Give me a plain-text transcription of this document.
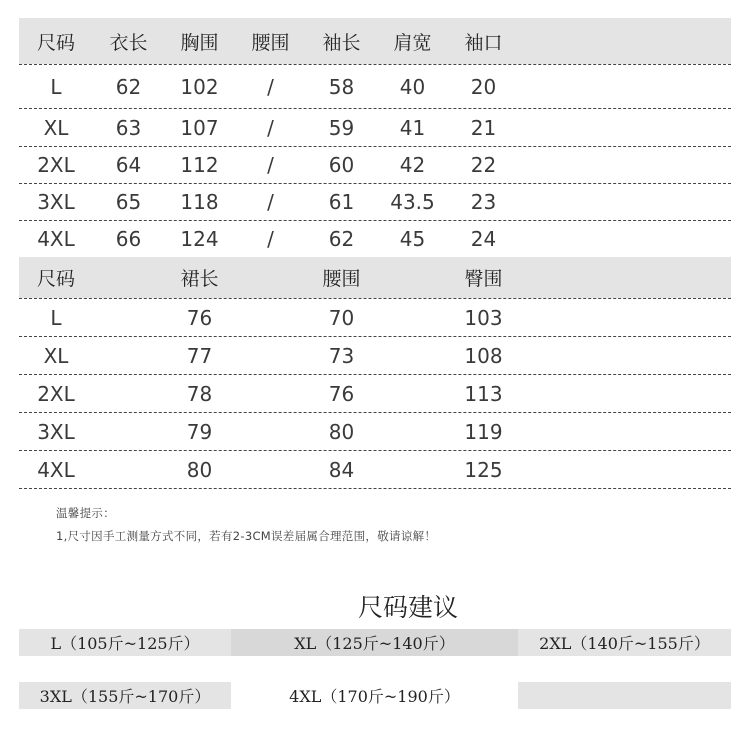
尺码	衣长	胸围	腰围	袖长	肩宽	袖口
L	62	102	/	58	40	20
XL	63	107	/	59	41	21
2XL	64	112	/	60	42	22
3XL	65	118	/	61	43.5	23
4XL	66	124	/	62	45	24
尺码	裙长	腰围	臀围
L	76	70	103
XL	77	73	108
2XL	78	76	113
3XL	79	80	119
4XL	80	84	125
温馨提示：
1,尺寸因手工测量方式不同，若有2-3CM误差届属合理范围，敬请谅解！
尺码建议
L（105斤~125斤）	XL（125斤~140斤）	2XL（140斤~155斤）
3XL（155斤~170斤）	4XL（170斤~190斤）
